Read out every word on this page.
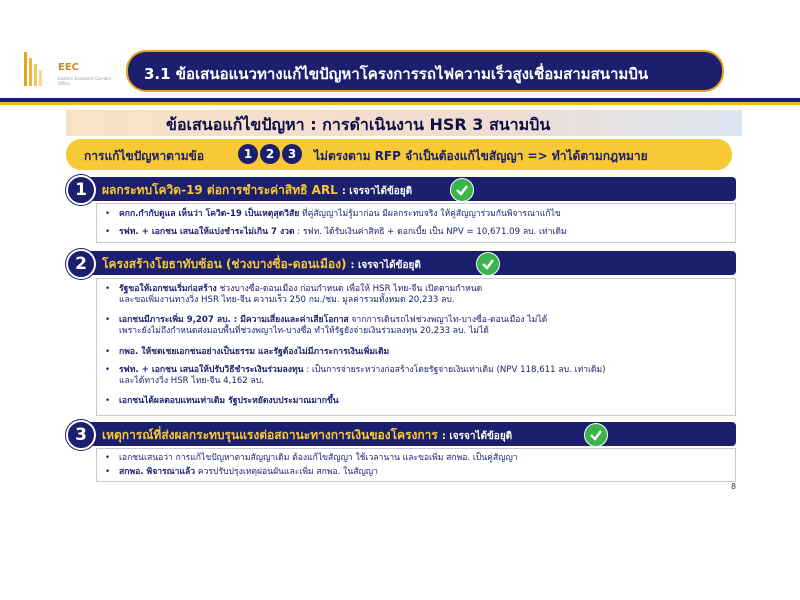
EEC
Eastern Economic Corridor Office
3.1 ข้อเสนอแนวทางแก้ไขปัญหาโครงการรถไฟความเร็วสูงเชื่อมสามสนามบิน
ข้อเสนอแก้ไขปัญหา : การดำเนินงาน HSR 3 สนามบิน
การแก้ไขปัญหาตามข้อ	1	2	3	ไม่ตรงตาม RFP จำเป็นต้องแก้ไขสัญญา => ทำได้ตามกฎหมาย
1	ผลกระทบโควิด-19 ต่อการชำระค่าสิทธิ ARL : เจรจาได้ข้อยุติ
• คกก.กำกับดูแล เห็นว่า โควิด-19 เป็นเหตุสุดวิสัย ที่คู่สัญญาไม่รู้มาก่อน มีผลกระทบจริง ให้คู่สัญญาร่วมกันพิจารณาแก้ไข
• รฟท. + เอกชน เสนอให้แบ่งชำระไม่เกิน 7 งวด : รฟท. ได้รับเงินค่าสิทธิ + ดอกเบี้ย เป็น NPV = 10,671.09 ลบ. เท่าเดิม
2	โครงสร้างโยธาทับซ้อน (ช่วงบางซื่อ-ดอนเมือง) : เจรจาได้ข้อยุติ
• รัฐขอให้เอกชนเริ่มก่อสร้าง ช่วงบางซื่อ-ดอนเมือง ก่อนกำหนด เพื่อให้ HSR ไทย-จีน เปิดตามกำหนด
และขอเพิ่มงานทางวิ่ง HSR ไทย-จีน ความเร็ว 250 กม./ชม. มูลค่ารวมทั้งหมด 20,233 ลบ.
• เอกชนมีภาระเพิ่ม 9,207 ลบ. : มีความเสี่ยงและค่าเสียโอกาส จากการเดินรถไฟช่วงพญาไท-บางซื่อ-ดอนเมือง ไม่ได้
เพราะยังไม่ถึงกำหนดส่งมอบพื้นที่ช่วงพญาไท-บางซื่อ ทำให้รัฐยังจ่ายเงินร่วมลงทุน 20,233 ลบ. ไม่ได้
• กพอ. ให้ชดเชยเอกชนอย่างเป็นธรรม และรัฐต้องไม่มีภาระการเงินเพิ่มเติม
• รฟท. + เอกชน เสนอให้ปรับวิธีชำระเงินร่วมลงทุน : เป็นการจ่ายระหว่างก่อสร้างโดยรัฐจ่ายเงินเท่าเดิม (NPV 118,611 ลบ. เท่าเดิม)
และได้ทางวิ่ง HSR ไทย-จีน 4,162 ลบ.
• เอกชนได้ผลตอบแทนเท่าเดิม รัฐประหยัดงบประมาณมากขึ้น
3	เหตุการณ์ที่ส่งผลกระทบรุนแรงต่อสถานะทางการเงินของโครงการ : เจรจาได้ข้อยุติ
• เอกชนเสนอว่า การแก้ไขปัญหาตามสัญญาเดิม ต้องแก้ไขสัญญา ใช้เวลานาน และขอเพิ่ม สกพอ. เป็นคู่สัญญา
• สกพอ. พิจารณาแล้ว ควรปรับปรุงเหตุผ่อนผันและเพิ่ม สกพอ. ในสัญญา
8
